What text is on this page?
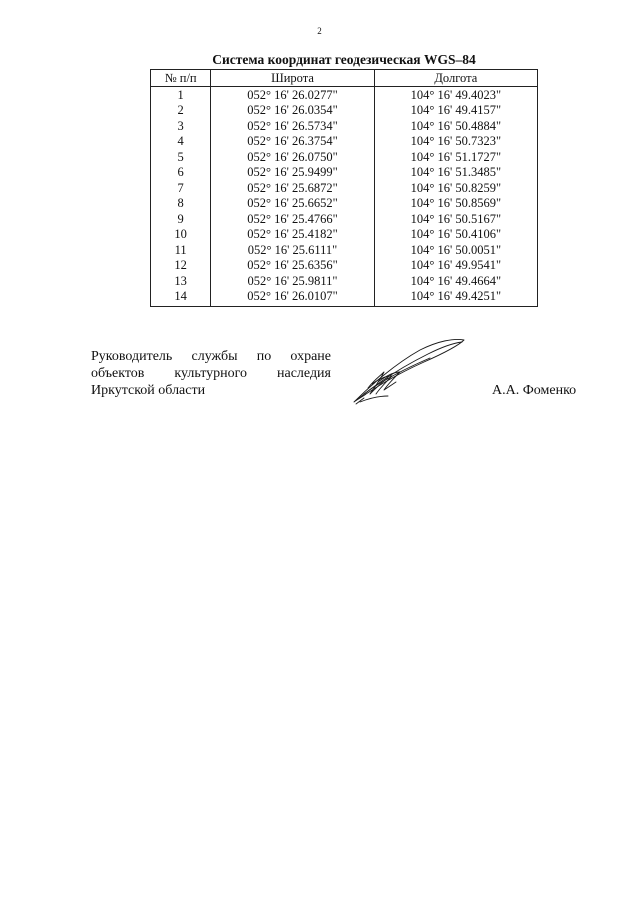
2
Система координат геодезическая WGS–84
№ п/п	Широта	Долгота
1	052° 16' 26.0277"	104° 16' 49.4023"
2	052° 16' 26.0354"	104° 16' 49.4157"
3	052° 16' 26.5734"	104° 16' 50.4884"
4	052° 16' 26.3754"	104° 16' 50.7323"
5	052° 16' 26.0750"	104° 16' 51.1727"
6	052° 16' 25.9499"	104° 16' 51.3485"
7	052° 16' 25.6872"	104° 16' 50.8259"
8	052° 16' 25.6652"	104° 16' 50.8569"
9	052° 16' 25.4766"	104° 16' 50.5167"
10	052° 16' 25.4182"	104° 16' 50.4106"
11	052° 16' 25.6111"	104° 16' 50.0051"
12	052° 16' 25.6356"	104° 16' 49.9541"
13	052° 16' 25.9811"	104° 16' 49.4664"
14	052° 16' 26.0107"	104° 16' 49.4251"
Руководитель службы по охране
объектов культурного наследия
Иркутской области	А.А. Фоменко
